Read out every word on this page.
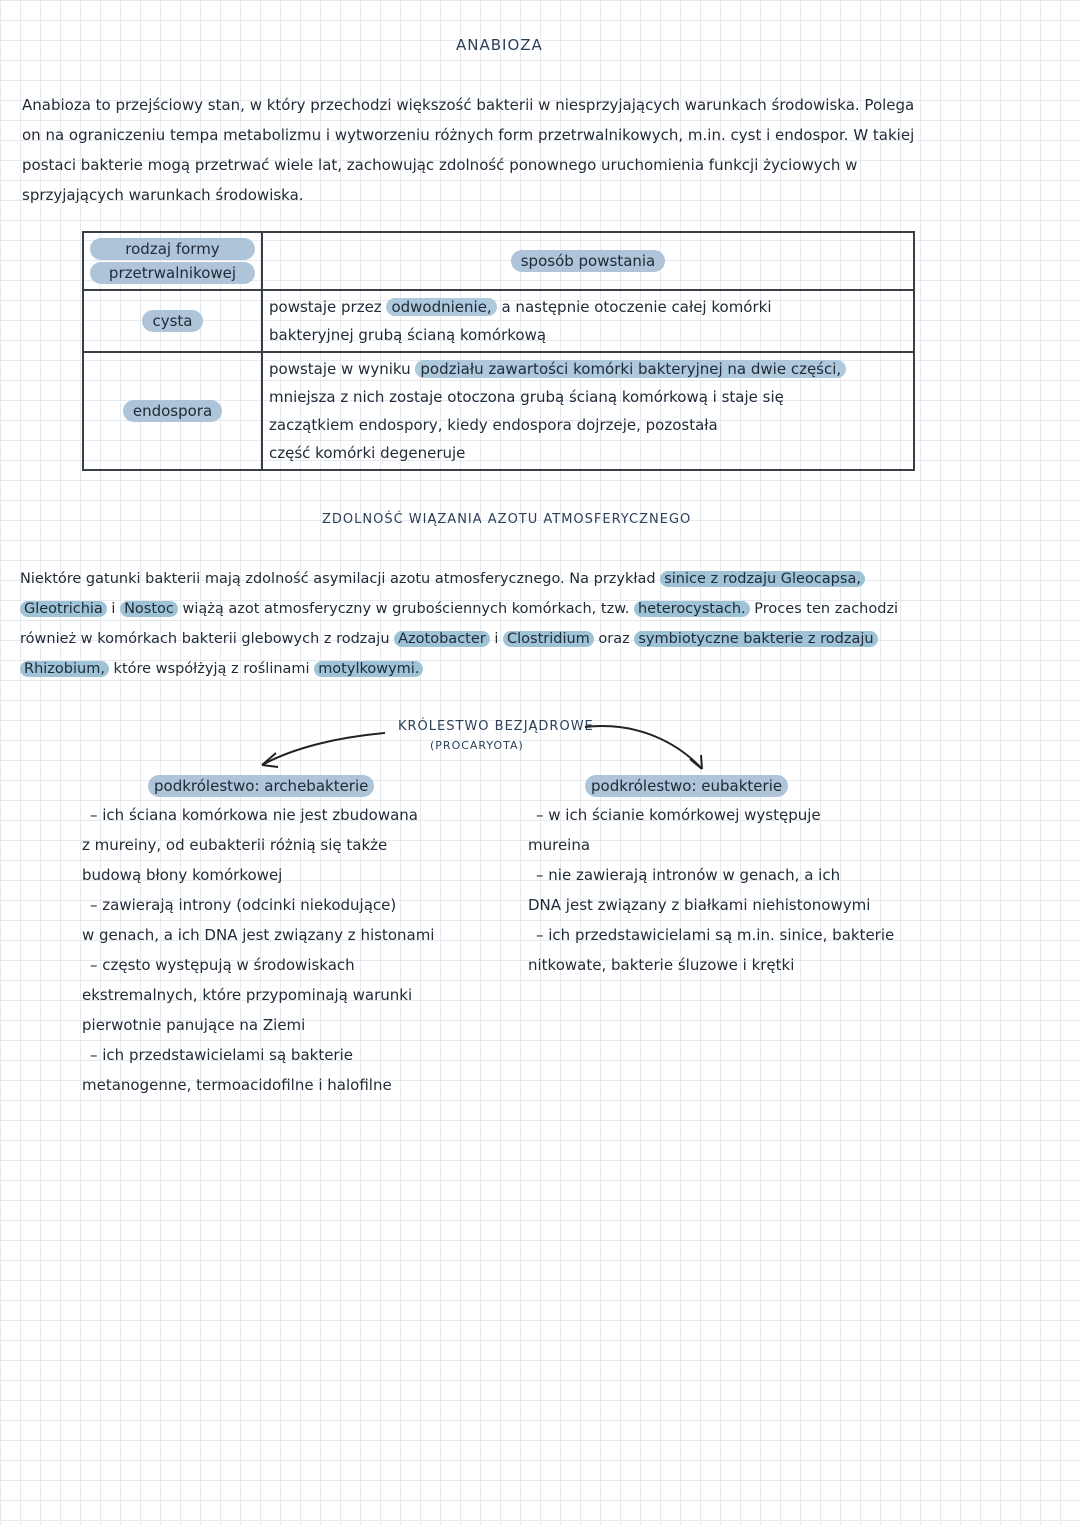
ANABIOZA
Anabioza to przejściowy stan, w który przechodzi większość bakterii w niesprzyjających warunkach środowiska. Polega
on na ograniczeniu tempa metabolizmu i wytworzeniu różnych form przetrwalnikowych, m.in. cyst i endospor. W takiej
postaci bakterie mogą przetrwać wiele lat, zachowując zdolność ponownego uruchomienia funkcji życiowych w
sprzyjających warunkach środowiska.
rodzaj formy
przetrwalnikowej	sposób powstania
cysta	powstaje przez odwodnienie, a następnie otoczenie całej komórki
bakteryjnej grubą ścianą komórkową

endospora	powstaje w wyniku podziału zawartości komórki bakteryjnej na dwie części,
mniejsza z nich zostaje otoczona grubą ścianą komórkową i staje się
zaczątkiem endospory, kiedy endospora dojrzeje, pozostała
część komórki degeneruje
ZDOLNOŚĆ WIĄZANIA AZOTU ATMOSFERYCZNEGO
Niektóre gatunki bakterii mają zdolność asymilacji azotu atmosferycznego. Na przykład sinice z rodzaju Gleocapsa,
Gleotrichia i Nostoc wiążą azot atmosferyczny w grubościennych komórkach, tzw. heterocystach. Proces ten zachodzi
również w komórkach bakterii glebowych z rodzaju Azotobacter i Clostridium oraz symbiotyczne bakterie z rodzaju
Rhizobium, które współżyją z roślinami motylkowymi.
KRÓLESTWO BEZJĄDROWE
(PROCARYOTA)
podkrólestwo: archebakterie
– ich ściana komórkowa nie jest zbudowana
z mureiny, od eubakterii różnią się także
budową błony komórkowej
– zawierają introny (odcinki niekodujące)
w genach, a ich DNA jest związany z histonami
– często występują w środowiskach
ekstremalnych, które przypominają warunki
pierwotnie panujące na Ziemi
– ich przedstawicielami są bakterie
metanogenne, termoacidofilne i halofilne
podkrólestwo: eubakterie
– w ich ścianie komórkowej występuje
mureina
– nie zawierają intronów w genach, a ich
DNA jest związany z białkami niehistonowymi
– ich przedstawicielami są m.in. sinice, bakterie
nitkowate, bakterie śluzowe i krętki
